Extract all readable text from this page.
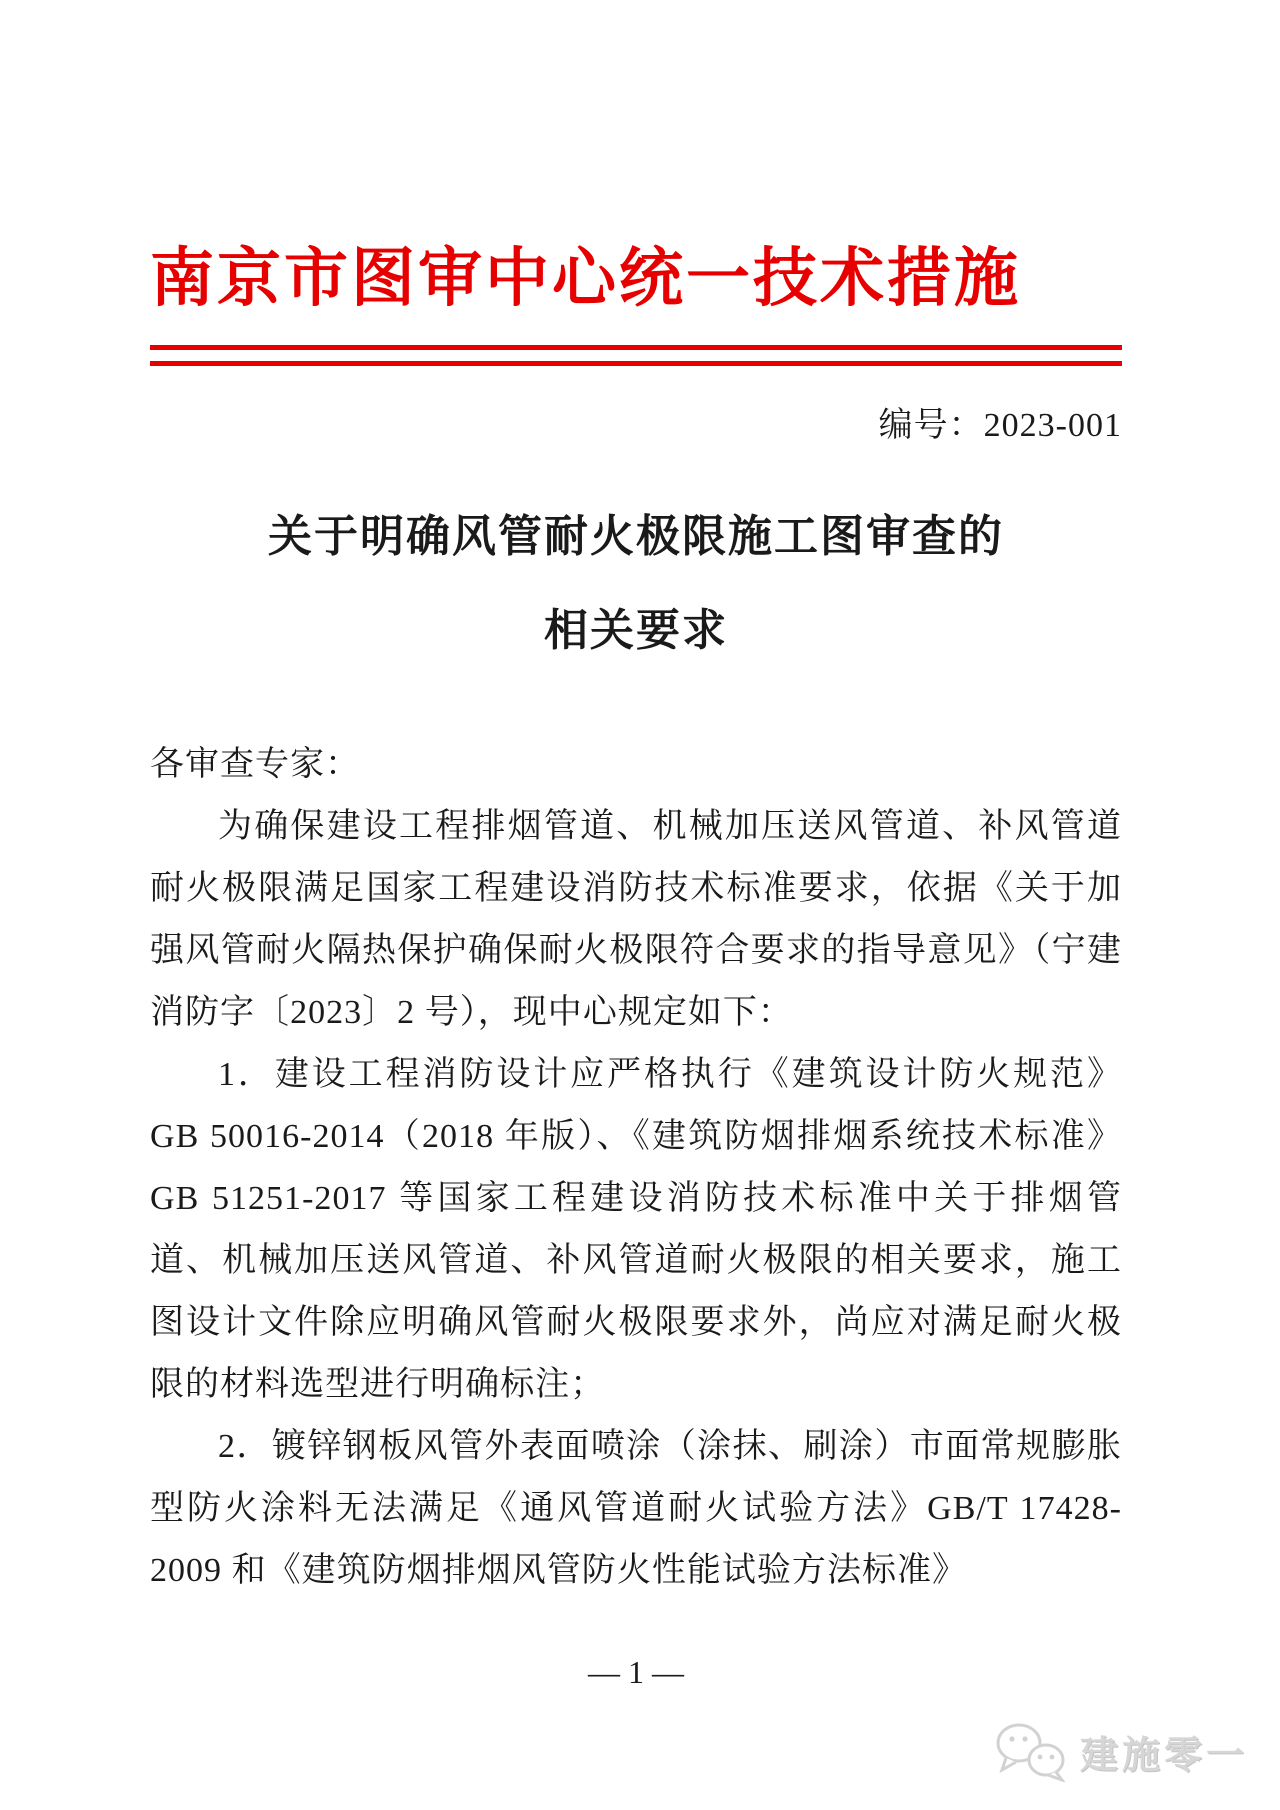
南京市图审中心统一技术措施
编号：2023-001
关于明确风管耐火极限施工图审查的
相关要求
各审查专家：

为确保建设工程排烟管道、机械加压送风管道、补风管道耐火极限满足国家工程建设消防技术标准要求，依据《关于加强风管耐火隔热保护确保耐火极限符合要求的指导意见》（宁建消防字〔2023〕2 号），现中心规定如下：

1．建设工程消防设计应严格执行《建筑设计防火规范》GB 50016-2014（2018 年版）、《建筑防烟排烟系统技术标准》GB 51251-2017 等国家工程建设消防技术标准中关于排烟管道、机械加压送风管道、补风管道耐火极限的相关要求，施工图设计文件除应明确风管耐火极限要求外，尚应对满足耐火极限的材料选型进行明确标注；

2．镀锌钢板风管外表面喷涂（涂抹、刷涂）市面常规膨胀型防火涂料无法满足《通风管道耐火试验方法》GB/T 17428-2009 和《建筑防烟排烟风管防火性能试验方法标准》

— 1 —
建施零一
